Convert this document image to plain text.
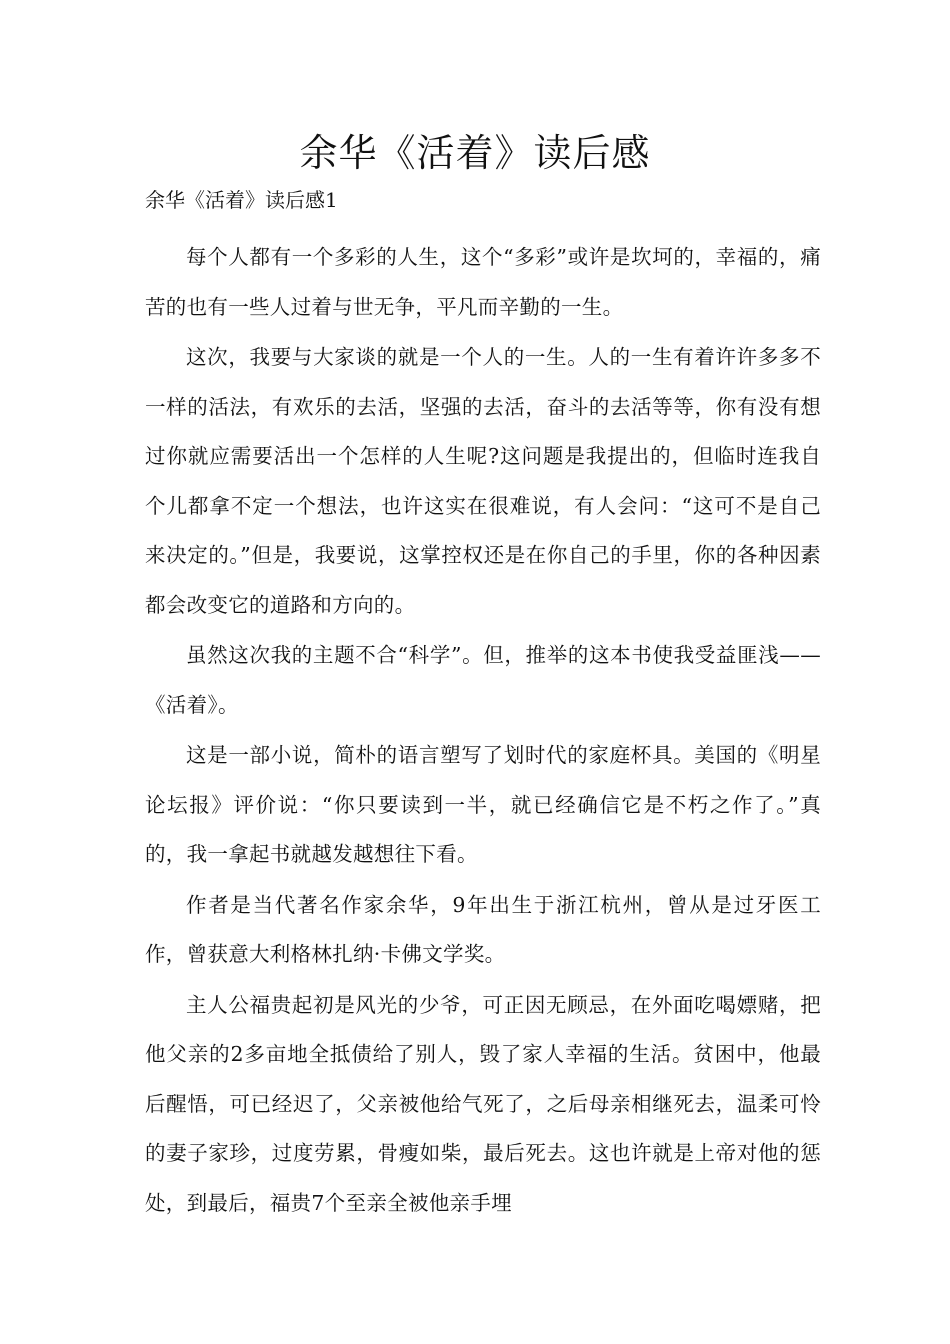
余华《活着》读后感

余华《活着》读后感1

每个人都有一个多彩的人生，这个“多彩”或许是坎坷的，幸福的，痛苦的也有一些人过着与世无争，平凡而辛勤的一生。

这次，我要与大家谈的就是一个人的一生。人的一生有着许许多多不一样的活法，有欢乐的去活，坚强的去活，奋斗的去活等等，你有没有想过你就应需要活出一个怎样的人生呢?这问题是我提出的，但临时连我自个儿都拿不定一个想法，也许这实在很难说，有人会问：“这可不是自己来决定的。”但是，我要说，这掌控权还是在你自己的手里，你的各种因素都会改变它的道路和方向的。

虽然这次我的主题不合“科学”。但，推举的这本书使我受益匪浅——《活着》。

这是一部小说，简朴的语言塑写了划时代的家庭杯具。美国的《明星论坛报》评价说：“你只要读到一半，就已经确信它是不朽之作了。”真的，我一拿起书就越发越想往下看。

作者是当代著名作家余华，9年出生于浙江杭州，曾从是过牙医工作，曾获意大利格林扎纳·卡佛文学奖。

主人公福贵起初是风光的少爷，可正因无顾忌，在外面吃喝嫖赌，把他父亲的2多亩地全抵债给了别人，毁了家人幸福的生活。贫困中，他最后醒悟，可已经迟了，父亲被他给气死了，之后母亲相继死去，温柔可怜的妻子家珍，过度劳累，骨瘦如柴，最后死去。这也许就是上帝对他的惩处，到最后，福贵7个至亲全被他亲手埋
